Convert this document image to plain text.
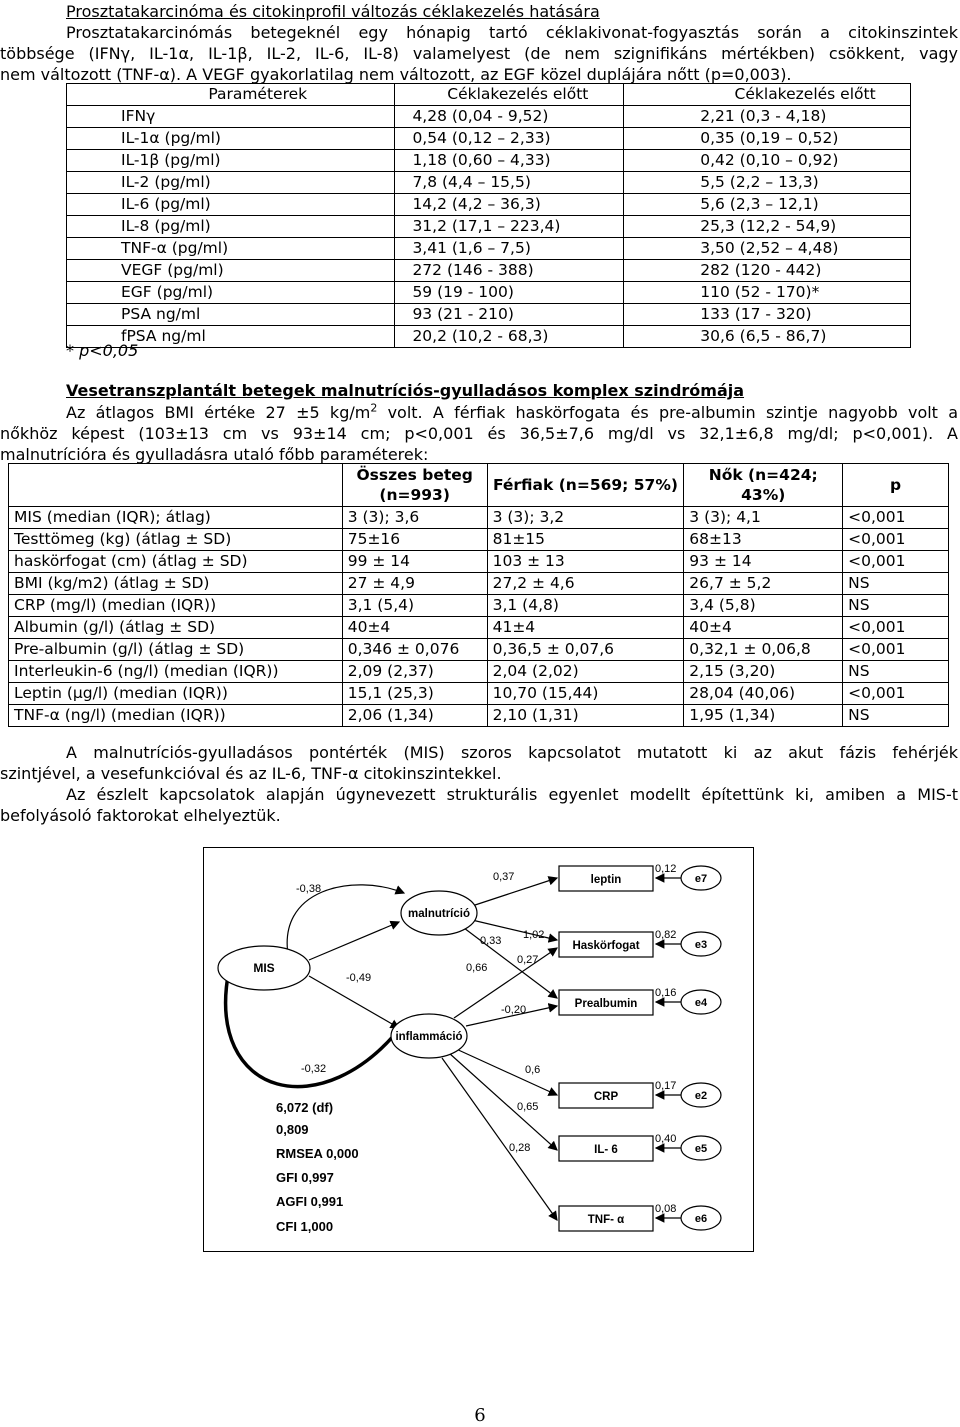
Prosztatakarcinóma és citokinprofil változás céklakezelés hatására
Prosztatakarcinómás betegeknél egy hónapig tartó céklakivonat-fogyasztás során a citokinszintek
többsége (IFNγ, IL-1α, IL-1β, IL-2, IL-6, IL-8) valamelyest (de nem szignifikáns mértékben) csökkent, vagy
nem változott (TNF-α). A VEGF gyakorlatilag nem változott, az EGF közel duplájára nőtt (p=0,003).
Paraméterek	Céklakezelés előtt	Céklakezelés előtt
IFNγ	4,28 (0,04 - 9,52)	2,21 (0,3 - 4,18)
IL-1α (pg/ml)	0,54 (0,12 – 2,33)	0,35 (0,19 – 0,52)
IL-1β (pg/ml)	1,18 (0,60 – 4,33)	0,42 (0,10 – 0,92)
IL-2 (pg/ml)	7,8 (4,4 – 15,5)	5,5 (2,2 – 13,3)
IL-6 (pg/ml)	14,2 (4,2 – 36,3)	5,6 (2,3 – 12,1)
IL-8 (pg/ml)	31,2 (17,1 – 223,4)	25,3 (12,2 - 54,9)
TNF-α (pg/ml)	3,41 (1,6 – 7,5)	3,50 (2,52 – 4,48)
VEGF (pg/ml)	272 (146 - 388)	282 (120 - 442)
EGF (pg/ml)	59 (19 - 100)	110 (52 - 170)*
PSA ng/ml	93 (21 - 210)	133 (17 - 320)
fPSA ng/ml	20,2 (10,2 - 68,3)	30,6 (6,5 - 86,7)
* p<0,05
Vesetranszplantált betegek malnutríciós-gyulladásos komplex szindrómája
Az átlagos BMI értéke 27 ±5 $kg/m^2$ volt. A férfiak haskörfogata és pre-albumin szintje nagyobb volt a
nőkhöz képest (103±13 cm vs 93±14 cm; p<0,001 és 36,5±7,6 mg/dl vs 32,1±6,8 mg/dl; p<0,001). A
malnutrícióra és gyulladásra utaló főbb paraméterek:
	Összes beteg (n=993)	Férfiak (n=569; 57%)	Nők (n=424; 43%)	p
MIS (median (IQR); átlag)	3 (3); 3,6	3 (3); 3,2	3 (3); 4,1	<0,001
Testtömeg (kg) (átlag ± SD)	75±16	81±15	68±13	<0,001
haskörfogat (cm) (átlag ± SD)	99 ± 14	103 ± 13	93 ± 14	<0,001
BMI (kg/m2) (átlag ± SD)	27 ± 4,9	27,2 ± 4,6	26,7 ± 5,2	NS
CRP (mg/l) (median (IQR))	3,1 (5,4)	3,1 (4,8)	3,4 (5,8)	NS
Albumin (g/l) (átlag ± SD)	40±4	41±4	40±4	<0,001
Pre-albumin (g/l) (átlag ± SD)	0,346 ± 0,076	0,36,5 ± 0,07,6	0,32,1 ± 0,06,8	<0,001
Interleukin-6 (ng/l) (median (IQR))	2,09 (2,37)	2,04 (2,02)	2,15 (3,20)	NS
Leptin (μg/l) (median (IQR))	15,1 (25,3)	10,70 (15,44)	28,04 (40,06)	<0,001
TNF-α (ng/l) (median (IQR))	2,06 (1,34)	2,10 (1,31)	1,95 (1,34)	NS
A malnutríciós-gyulladásos pontérték (MIS) szoros kapcsolatot mutatott ki az akut fázis fehérjék
szintjével, a vesefunkcióval és az IL-6, TNF-α citokinszintekkel.
Az észlelt kapcsolatok alapján úgynevezett strukturális egyenlet modellt építettünk ki, amiben a MIS-t
befolyásoló faktorokat elhelyeztük.
MIS
malnutríció
inflammáció
leptin
Haskörfogat
Prealbumin
CRP
IL- 6
TNF- α
e7
e3
e4
e2
e5
e6
0,12
0,82
0,16
0,17
0,40
0,08
-0,38
0,37
0,33 1,02
0,66
0,27
-0,20
-0,49
-0,32	0,6
0,65
0,28
6,072 (df)
0,809
RMSEA 0,000
GFI 0,997
AGFI 0,991
CFI 1,000
6
